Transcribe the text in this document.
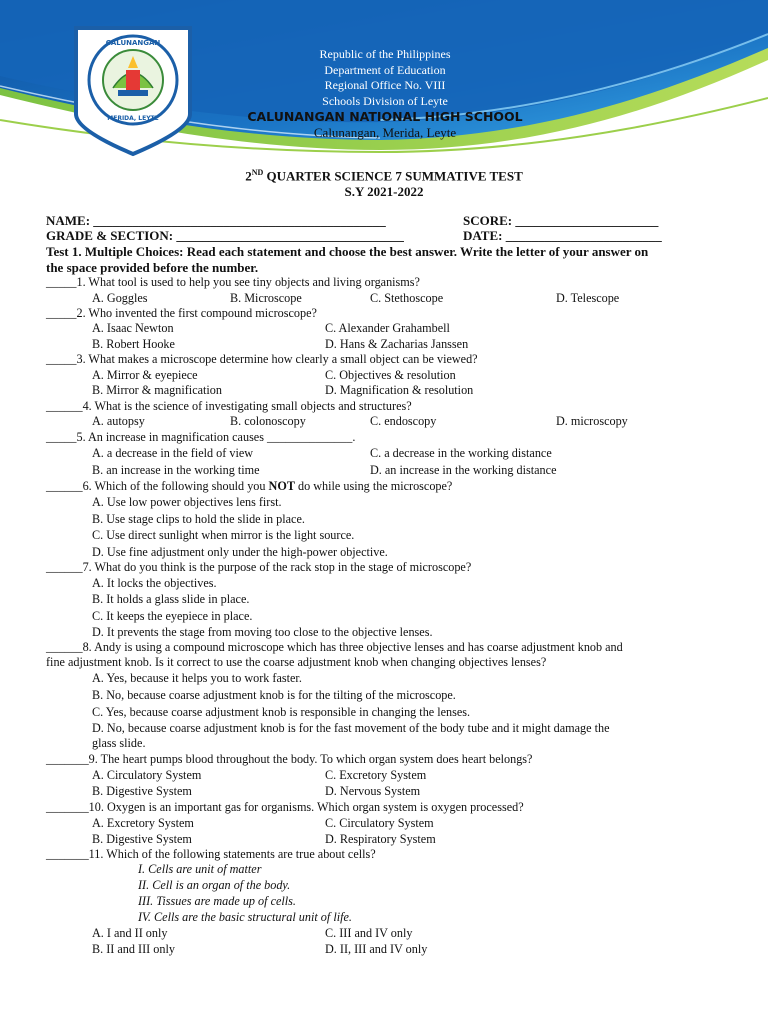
CALUNANGAN
MERIDA, LEYTE
Republic of the Philippines
Department of Education
Regional Office No. VIII
Schools Division of Leyte
CALUNANGAN NATIONAL HIGH SCHOOL
Calunangan, Merida, Leyte
2ND QUARTER SCIENCE 7 SUMMATIVE TEST
S.Y 2021-2022
NAME: _____________________________________________	SCORE: ______________________
GRADE & SECTION: ___________________________________	DATE: ________________________
Test 1. Multiple Choices: Read each statement and choose the best answer. Write the letter of your answer on
the space provided before the number.
_____1. What tool is used to help you see tiny objects and living organisms?
A. Goggles	B. Microscope	C. Stethoscope	D. Telescope
_____2. Who invented the first compound microscope?
A. Isaac Newton	C. Alexander Grahambell
B. Robert Hooke	D. Hans & Zacharias Janssen
_____3. What makes a microscope determine how clearly a small object can be viewed?
A. Mirror & eyepiece	C. Objectives & resolution
B. Mirror & magnification	D. Magnification & resolution
______4. What is the science of investigating small objects and structures?
A. autopsy	B. colonoscopy	C. endoscopy	D. microscopy
_____5. An increase in magnification causes ______________.
A. a decrease in the field of view	C. a decrease in the working distance
B. an increase in the working time	D. an increase in the working distance
______6. Which of the following should you NOT do while using the microscope?
A. Use low power objectives lens first.
B. Use stage clips to hold the slide in place.
C. Use direct sunlight when mirror is the light source.
D. Use fine adjustment only under the high-power objective.
______7. What do you think is the purpose of the rack stop in the stage of microscope?
A. It locks the objectives.
B. It holds a glass slide in place.
C. It keeps the eyepiece in place.
D. It prevents the stage from moving too close to the objective lenses.
______8. Andy is using a compound microscope which has three objective lenses and has coarse adjustment knob and
fine adjustment knob. Is it correct to use the coarse adjustment knob when changing objectives lenses?
A. Yes, because it helps you to work faster.
B. No, because coarse adjustment knob is for the tilting of the microscope.
C. Yes, because coarse adjustment knob is responsible in changing the lenses.
D. No, because coarse adjustment knob is for the fast movement of the body tube and it might damage the
glass slide.
_______9. The heart pumps blood throughout the body. To which organ system does heart belongs?
A. Circulatory System	C. Excretory System
B. Digestive System	D. Nervous System
_______10. Oxygen is an important gas for organisms. Which organ system is oxygen processed?
A. Excretory System	C. Circulatory System
B. Digestive System	D. Respiratory System
_______11. Which of the following statements are true about cells?
I. Cells are unit of matter
II. Cell is an organ of the body.
III. Tissues are made up of cells.
IV. Cells are the basic structural unit of life.
A. I and II only	C. III and IV only
B. II and III only	D. II, III and IV only
